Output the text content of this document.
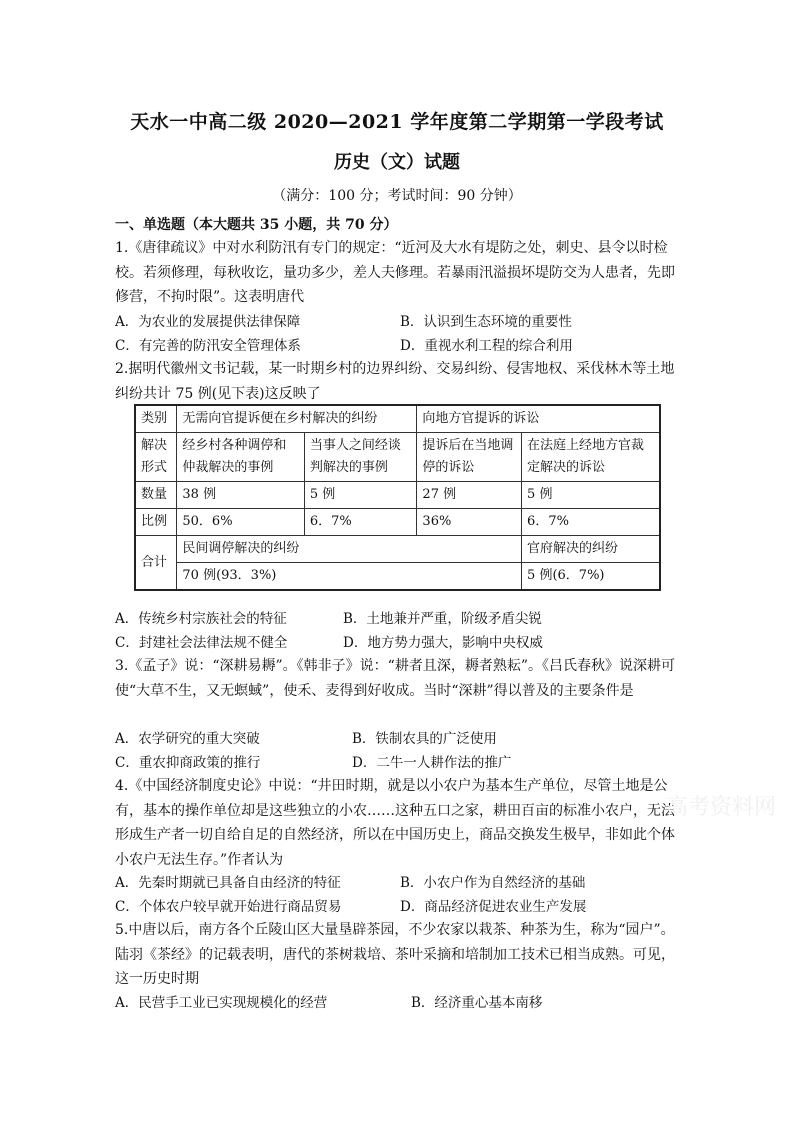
天水一中高二级 2020—2021 学年度第二学期第一学段考试
历史（文）试题
（满分：100 分；考试时间：90 分钟）
一、单选题（本大题共 35 小题，共 70 分）
1.《唐律疏议》中对水利防汛有专门的规定：“近河及大水有堤防之处，刺史、县令以时检校。若须修理，每秋收讫，量功多少，差人夫修理。若暴雨汛溢损坏堤防交为人患者，先即修营，不拘时限”。这表明唐代
A．为农业的发展提供法律保障	B．认识到生态环境的重要性
C．有完善的防汛安全管理体系	D．重视水利工程的综合利用
2.据明代徽州文书记载，某一时期乡村的边界纠纷、交易纠纷、侵害地权、采伐林木等土地纠纷共计 75 例(见下表)这反映了
类别	无需向官提诉便在乡村解决的纠纷		向地方官提诉的诉讼	
解决形式	经乡村各种调停和仲裁解决的事例	当事人之间经谈判解决的事例	提诉后在当地调停的诉讼	在法庭上经地方官裁定解决的诉讼
数量	38 例	5 例	27 例	5 例
比例	50．6%	6．7%	36%	6．7%
合计	民间调停解决的纠纷			官府解决的纠纷
	70 例(93．3%)			5 例(6．7%)
A．传统乡村宗族社会的特征	B．土地兼并严重，阶级矛盾尖锐
C．封建社会法律法规不健全	D．地方势力强大，影响中央权威
3.《孟子》说：“深耕易耨”。《韩非子》说：“耕者且深，耨者熟耘”。《吕氏春秋》说深耕可使“大草不生，又无螟蜮”，使禾、麦得到好收成。当时“深耕”得以普及的主要条件是
A．农学研究的重大突破	B．铁制农具的广泛使用
C．重农抑商政策的推行	D．二牛一人耕作法的推广
4.《中国经济制度史论》中说：“井田时期，就是以小农户为基本生产单位，尽管土地是公有，基本的操作单位却是这些独立的小农……这种五口之家，耕田百亩的标准小农户，无法形成生产者一切自给自足的自然经济，所以在中国历史上，商品交换发生极早，非如此个体小农户无法生存。”作者认为
A．先秦时期就已具备自由经济的特征	B．小农户作为自然经济的基础
C．个体农户较早就开始进行商品贸易	D．商品经济促进农业生产发展
5.中唐以后，南方各个丘陵山区大量垦辟茶园，不少农家以栽茶、种茶为生，称为“园户”。陆羽《茶经》的记载表明，唐代的茶树栽培、茶叶采摘和培制加工技术已相当成熟。可见，这一历史时期
A．民营手工业已实现规模化的经营	B．经济重心基本南移
高考资料网
